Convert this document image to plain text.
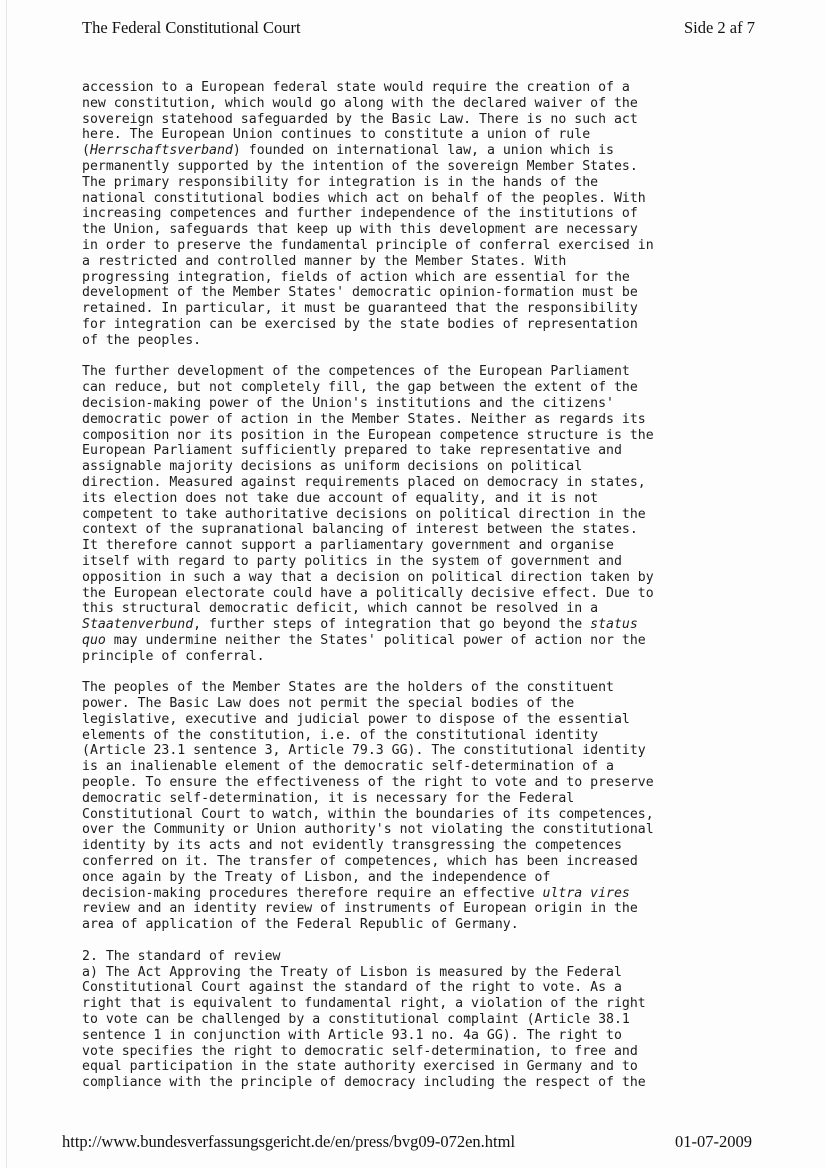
The Federal Constitutional Court	Side 2 af 7

accession to a European federal state would require the creation of a
new constitution, which would go along with the declared waiver of the
sovereign statehood safeguarded by the Basic Law. There is no such act
here. The European Union continues to constitute a union of rule
(Herrschaftsverband) founded on international law, a union which is
permanently supported by the intention of the sovereign Member States.
The primary responsibility for integration is in the hands of the
national constitutional bodies which act on behalf of the peoples. With
increasing competences and further independence of the institutions of
the Union, safeguards that keep up with this development are necessary
in order to preserve the fundamental principle of conferral exercised in
a restricted and controlled manner by the Member States. With
progressing integration, fields of action which are essential for the
development of the Member States' democratic opinion-formation must be
retained. In particular, it must be guaranteed that the responsibility
for integration can be exercised by the state bodies of representation
of the peoples.

The further development of the competences of the European Parliament
can reduce, but not completely fill, the gap between the extent of the
decision-making power of the Union's institutions and the citizens'
democratic power of action in the Member States. Neither as regards its
composition nor its position in the European competence structure is the
European Parliament sufficiently prepared to take representative and
assignable majority decisions as uniform decisions on political
direction. Measured against requirements placed on democracy in states,
its election does not take due account of equality, and it is not
competent to take authoritative decisions on political direction in the
context of the supranational balancing of interest between the states.
It therefore cannot support a parliamentary government and organise
itself with regard to party politics in the system of government and
opposition in such a way that a decision on political direction taken by
the European electorate could have a politically decisive effect. Due to
this structural democratic deficit, which cannot be resolved in a
Staatenverbund, further steps of integration that go beyond the status
quo may undermine neither the States' political power of action nor the
principle of conferral.

The peoples of the Member States are the holders of the constituent
power. The Basic Law does not permit the special bodies of the
legislative, executive and judicial power to dispose of the essential
elements of the constitution, i.e. of the constitutional identity
(Article 23.1 sentence 3, Article 79.3 GG). The constitutional identity
is an inalienable element of the democratic self-determination of a
people. To ensure the effectiveness of the right to vote and to preserve
democratic self-determination, it is necessary for the Federal
Constitutional Court to watch, within the boundaries of its competences,
over the Community or Union authority's not violating the constitutional
identity by its acts and not evidently transgressing the competences
conferred on it. The transfer of competences, which has been increased
once again by the Treaty of Lisbon, and the independence of
decision-making procedures therefore require an effective ultra vires
review and an identity review of instruments of European origin in the
area of application of the Federal Republic of Germany.

2. The standard of review
a) The Act Approving the Treaty of Lisbon is measured by the Federal
Constitutional Court against the standard of the right to vote. As a
right that is equivalent to fundamental right, a violation of the right
to vote can be challenged by a constitutional complaint (Article 38.1
sentence 1 in conjunction with Article 93.1 no. 4a GG). The right to
vote specifies the right to democratic self-determination, to free and
equal participation in the state authority exercised in Germany and to
compliance with the principle of democracy including the respect of the

http://www.bundesverfassungsgericht.de/en/press/bvg09-072en.html	01-07-2009
